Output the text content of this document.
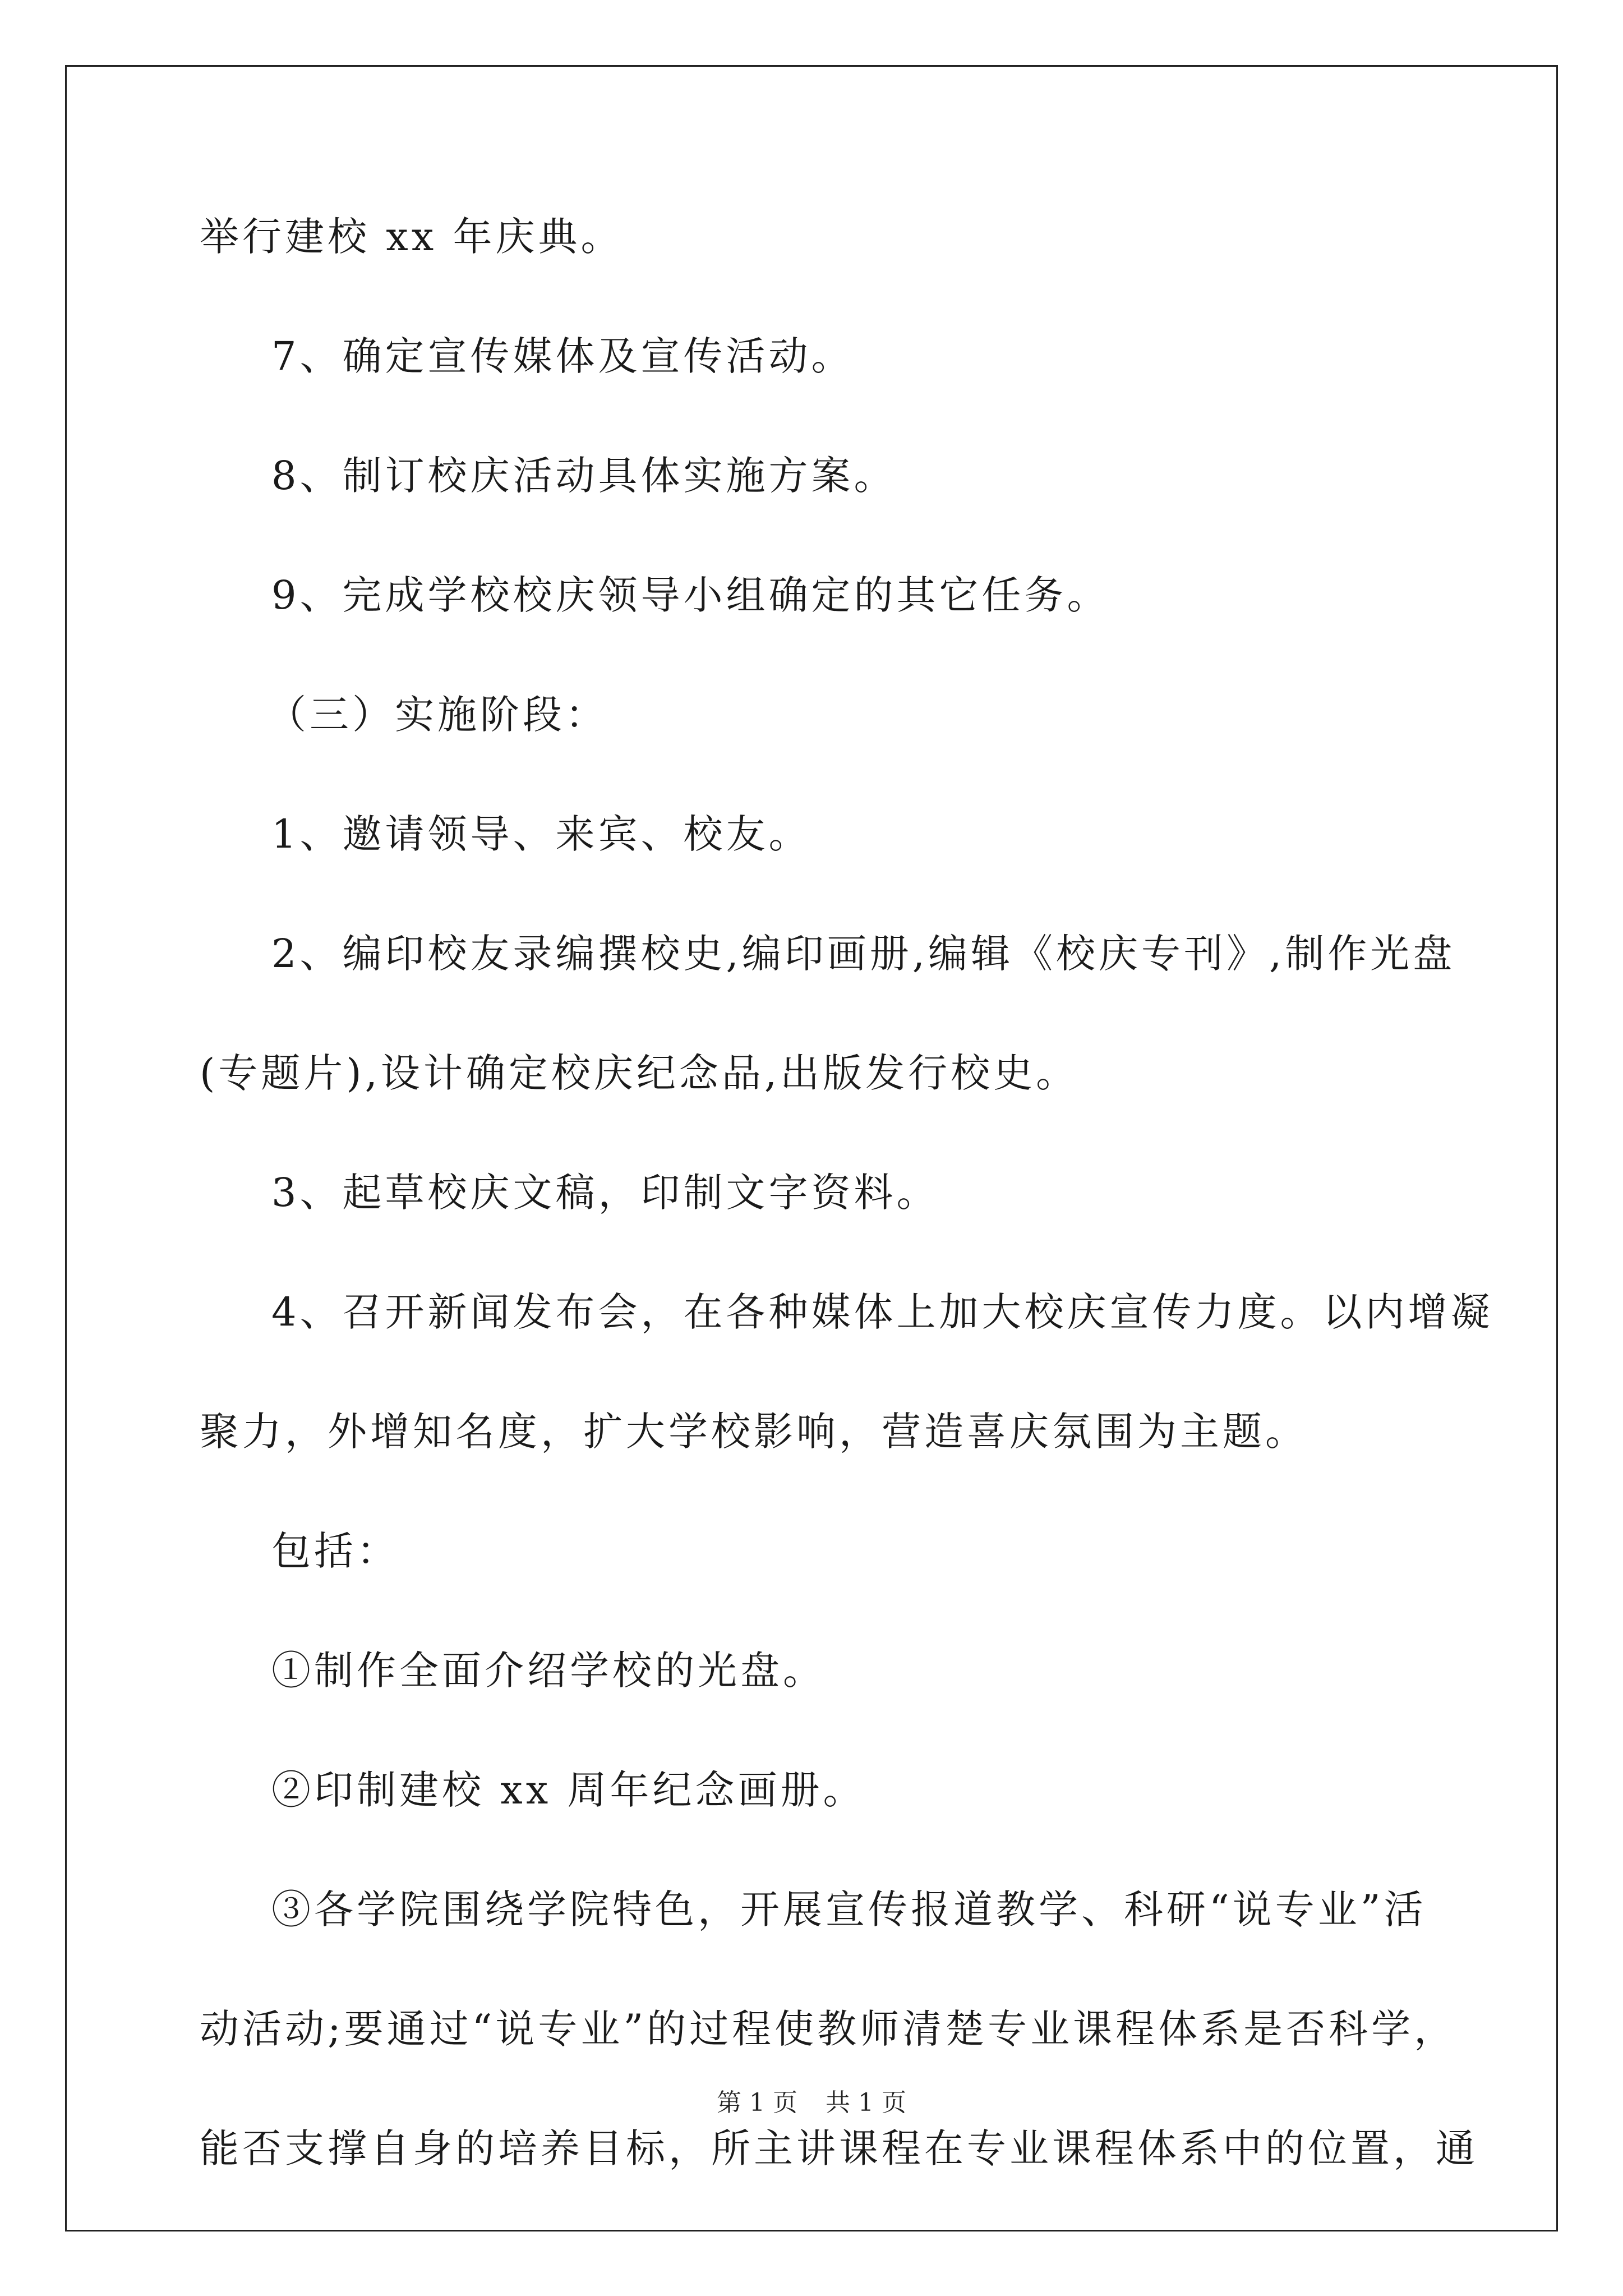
举行建校 xx 年庆典。
7、确定宣传媒体及宣传活动。
8、制订校庆活动具体实施方案。
9、完成学校校庆领导小组确定的其它任务。
（三）实施阶段：
1、邀请领导、来宾、校友。
2、编印校友录编撰校史,编印画册,编辑《校庆专刊》,制作光盘
(专题片),设计确定校庆纪念品,出版发行校史。
3、起草校庆文稿，印制文字资料。
4、召开新闻发布会，在各种媒体上加大校庆宣传力度。以内增凝
聚力，外增知名度，扩大学校影响，营造喜庆氛围为主题。
包括：
①制作全面介绍学校的光盘。
②印制建校 xx 周年纪念画册。
③各学院围绕学院特色，开展宣传报道教学、科研“说专业”活
动活动;要通过“说专业”的过程使教师清楚专业课程体系是否科学，
能否支撑自身的培养目标，所主讲课程在专业课程体系中的位置，通
第 1 页 共 1 页
